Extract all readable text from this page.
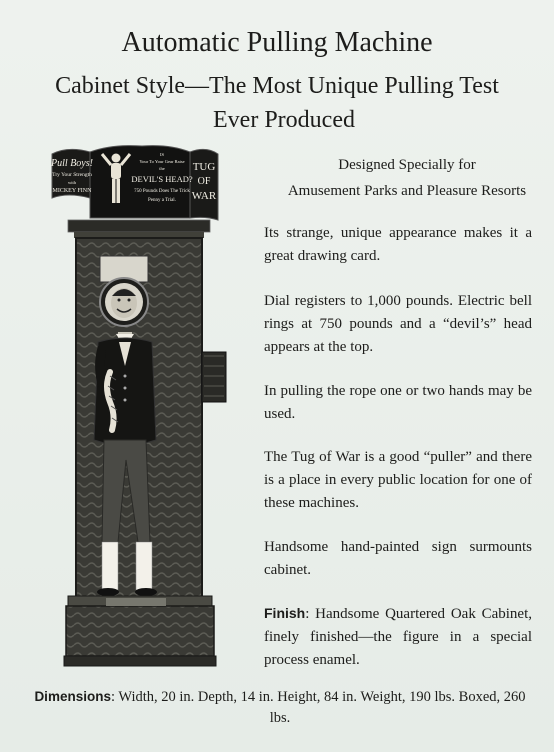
Automatic Pulling Machine
Cabinet Style—The Most Unique Pulling Test
Ever Produced
Designed Specially for
Amusement Parks and Pleasure Resorts
Its strange, unique appearance makes it a great drawing card.
Dial registers to 1,000 pounds. Electric bell rings at 750 pounds and a “devil’s” head appears at the top.
In pulling the rope one or two hands may be used.
The Tug of War is a good “puller” and there is a place in every public location for one of these machines.
Handsome hand-painted sign surmounts cabinet.
Finish: Handsome Quartered Oak Cabinet, finely finished—the figure in a special process enamel.
Dimensions: Width, 20 in. Depth, 14 in. Height, 84 in. Weight, 190 lbs. Boxed, 260 lbs.
Pull Boys!
Try Your Strength
with
MICKEY FINN
IS
Your To Your Gear Raise
the
DEVIL'S HEAD?
750 Pounds Does The Trick
Penny a Trial.
TUG
OF
WAR
